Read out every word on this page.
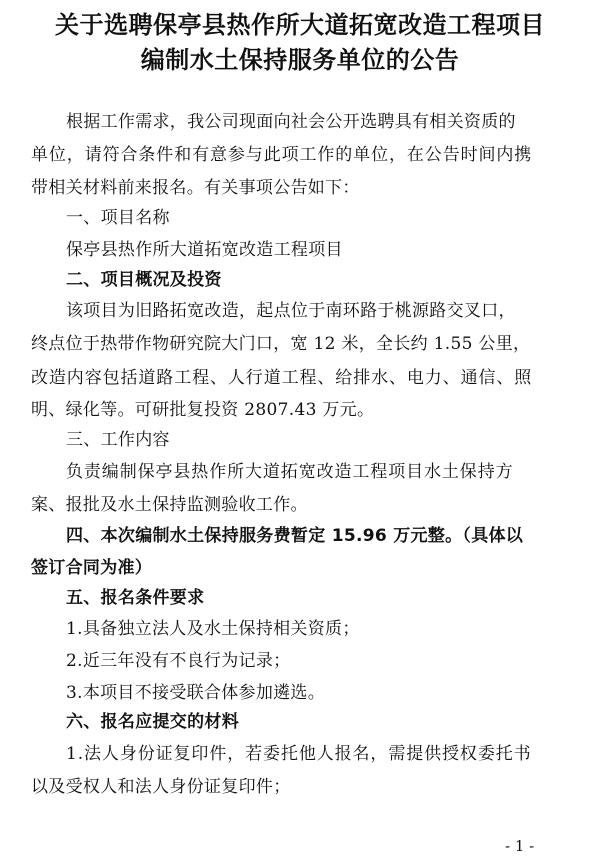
关于选聘保亭县热作所大道拓宽改造工程项目
编制水土保持服务单位的公告
根据工作需求，我公司现面向社会公开选聘具有相关资质的
单位，请符合条件和有意参与此项工作的单位，在公告时间内携
带相关材料前来报名。有关事项公告如下：
一、项目名称
保亭县热作所大道拓宽改造工程项目
二、项目概况及投资
该项目为旧路拓宽改造，起点位于南环路于桃源路交叉口，
终点位于热带作物研究院大门口，宽 12 米，全长约 1.55 公里，
改造内容包括道路工程、人行道工程、给排水、电力、通信、照
明、绿化等。可研批复投资 2807.43 万元。
三、工作内容
负责编制保亭县热作所大道拓宽改造工程项目水土保持方
案、报批及水土保持监测验收工作。
四、本次编制水土保持服务费暂定 15.96 万元整。（具体以
签订合同为准）
五、报名条件要求
1.具备独立法人及水土保持相关资质；
2.近三年没有不良行为记录；
3.本项目不接受联合体参加遴选。
六、报名应提交的材料
1.法人身份证复印件，若委托他人报名，需提供授权委托书
以及受权人和法人身份证复印件；
- 1 -
